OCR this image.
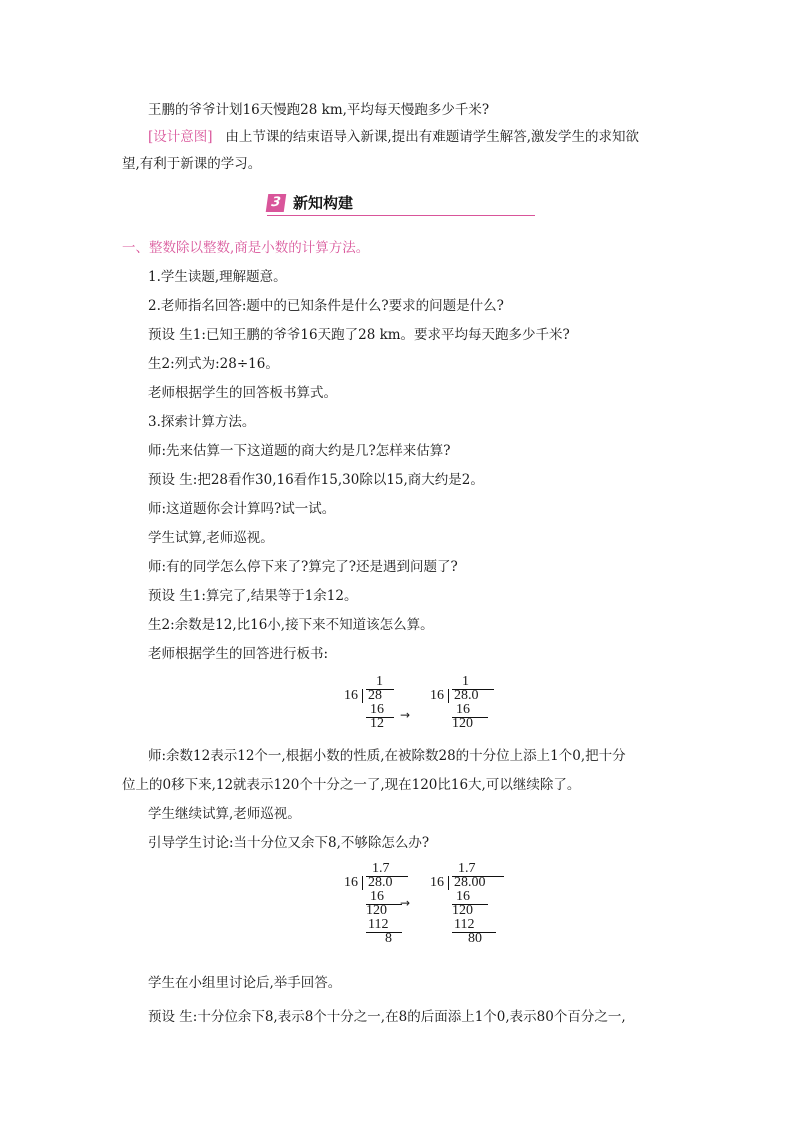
王鹏的爷爷计划16天慢跑28 km,平均每天慢跑多少千米?
[设计意图] 由上节课的结束语导入新课,提出有难题请学生解答,激发学生的求知欲
望,有利于新课的学习。
3 新知构建
一、整数除以整数,商是小数的计算方法。
1.学生读题,理解题意。
2.老师指名回答:题中的已知条件是什么?要求的问题是什么?
预设 生1:已知王鹏的爷爷16天跑了28 km。要求平均每天跑多少千米?
生2:列式为:28÷16。
老师根据学生的回答板书算式。
3.探索计算方法。
师:先来估算一下这道题的商大约是几?怎样来估算?
预设 生:把28看作30,16看作15,30除以15,商大约是2。
师:这道题你会计算吗?试一试。
学生试算,老师巡视。
师:有的同学怎么停下来了?算完了?还是遇到问题了?
预设 生1:算完了,结果等于1余12。
生2:余数是12,比16小,接下来不知道该怎么算。
老师根据学生的回答进行板书:
1
16 28
16
12
→
1
16 28.0
16
120
师:余数12表示12个一,根据小数的性质,在被除数28的十分位上添上1个0,把十分
位上的0移下来,12就表示120个十分之一了,现在120比16大,可以继续除了。
学生继续试算,老师巡视。
引导学生讨论:当十分位又余下8,不够除怎么办?
1.7
16 28.0
16
120
112
8
→
1.7
16 28.00
16
120
112
80
学生在小组里讨论后,举手回答。
预设 生:十分位余下8,表示8个十分之一,在8的后面添上1个0,表示80个百分之一,
